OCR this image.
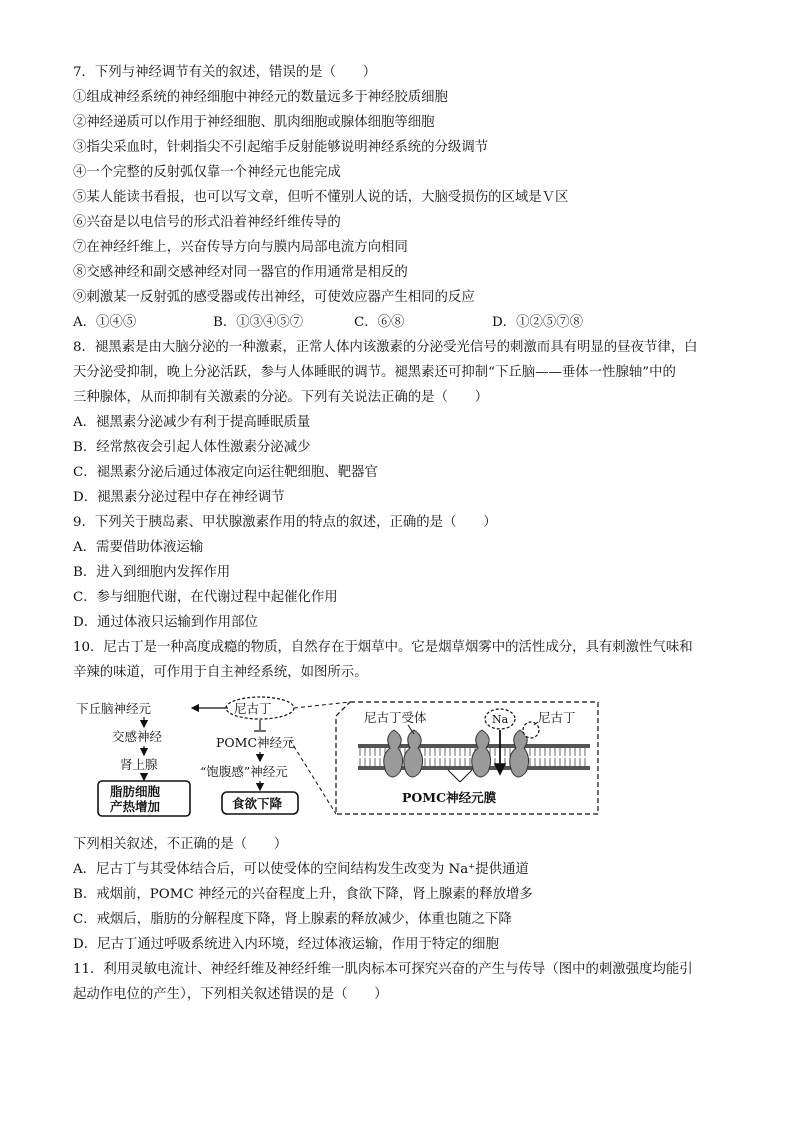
7．下列与神经调节有关的叙述，错误的是（　　）
①组成神经系统的神经细胞中神经元的数量远多于神经胶质细胞
②神经递质可以作用于神经细胞、肌肉细胞或腺体细胞等细胞
③指尖采血时，针刺指尖不引起缩手反射能够说明神经系统的分级调节
④一个完整的反射弧仅靠一个神经元也能完成
⑤某人能读书看报，也可以写文章，但听不懂别人说的话，大脑受损伤的区域是Ｖ区
⑥兴奋是以电信号的形式沿着神经纤维传导的
⑦在神经纤维上，兴奋传导方向与膜内局部电流方向相同
⑧交感神经和副交感神经对同一器官的作用通常是相反的
⑨刺激某一反射弧的感受器或传出神经，可使效应器产生相同的反应
A．①④⑤	B．①③④⑤⑦	C．⑥⑧	D．①②⑤⑦⑧
8．褪黑素是由大脑分泌的一种激素，正常人体内该激素的分泌受光信号的刺激而具有明显的昼夜节律，白
天分泌受抑制，晚上分泌活跃，参与人体睡眠的调节。褪黑素还可抑制“下丘脑——垂体一性腺轴”中的
三种腺体，从而抑制有关激素的分泌。下列有关说法正确的是（　　）
A．褪黑素分泌减少有利于提高睡眠质量
B．经常熬夜会引起人体性激素分泌减少
C．褪黑素分泌后通过体液定向运往靶细胞、靶器官
D．褪黑素分泌过程中存在神经调节
9．下列关于胰岛素、甲状腺激素作用的特点的叙述，正确的是（　　）
A．需要借助体液运输
B．进入到细胞内发挥作用
C．参与细胞代谢，在代谢过程中起催化作用
D．通过体液只运输到作用部位
10．尼古丁是一种高度成瘾的物质，自然存在于烟草中。它是烟草烟雾中的活性成分，具有刺激性气味和
辛辣的味道，可作用于自主神经系统，如图所示。
下丘脑神经元
交感神经
肾上腺
脂肪细胞
产热增加
尼古丁
POMC神经元
“饱腹感”神经元
食欲下降
尼古丁受体	Na 尼古丁
POMC神经元膜
下列相关叙述，不正确的是（　　）
A．尼古丁与其受体结合后，可以使受体的空间结构发生改变为 Na⁺提供通道
B．戒烟前，POMC 神经元的兴奋程度上升，食欲下降，肾上腺素的释放增多
C．戒烟后，脂肪的分解程度下降，肾上腺素的释放减少，体重也随之下降
D．尼古丁通过呼吸系统进入内环境，经过体液运输，作用于特定的细胞
11．利用灵敏电流计、神经纤维及神经纤维一肌肉标本可探究兴奋的产生与传导（图中的刺激强度均能引
起动作电位的产生），下列相关叙述错误的是（　　）
